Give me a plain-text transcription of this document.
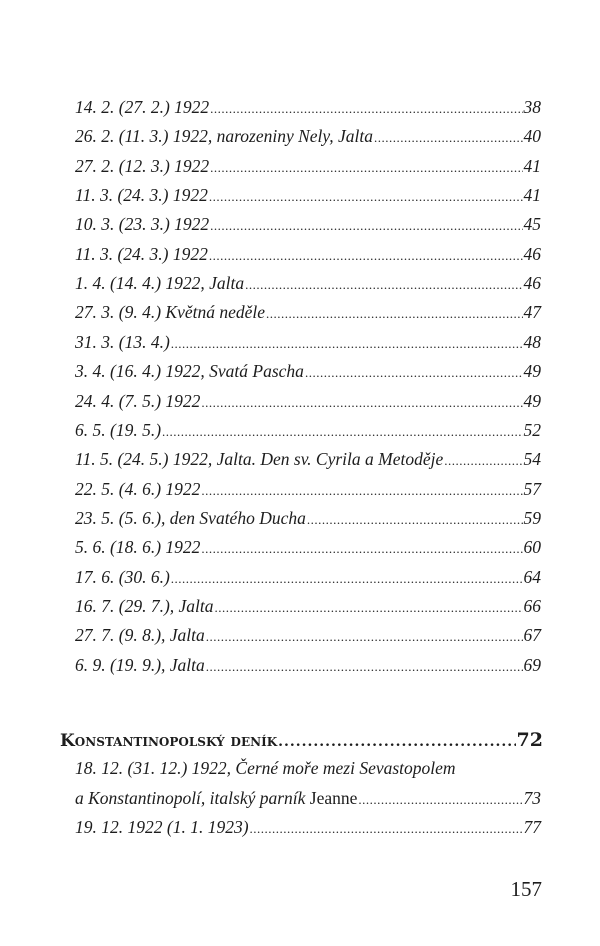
14. 2. (27. 2.) 1922 .....	38
26. 2. (11. 3.) 1922, narozeniny Nely, Jalta .....	40
27. 2. (12. 3.) 1922 .....	41
11. 3. (24. 3.) 1922 .....	41
10. 3. (23. 3.) 1922 .....	45
11. 3. (24. 3.) 1922 .....	46
1. 4. (14. 4.) 1922, Jalta .....	46
27. 3. (9. 4.) Květná neděle .....	47
31. 3. (13. 4.) .....	48
3. 4. (16. 4.) 1922, Svatá Pascha .....	49
24. 4. (7. 5.) 1922 .....	49
6. 5. (19. 5.) .....	52
11. 5. (24. 5.) 1922, Jalta. Den sv. Cyrila a Metoděje .....	54
22. 5. (4. 6.) 1922 .....	57
23. 5. (5. 6.), den Svatého Ducha .....	59
5. 6. (18. 6.) 1922 .....	60
17. 6. (30. 6.) .....	64
16. 7. (29. 7.), Jalta .....	66
27. 7. (9. 8.), Jalta .....	67
6. 9. (19. 9.), Jalta .....	69
Konstantinopolský deník .....	72
18. 12. (31. 12.) 1922, Černé moře mezi Sevastopolem
a Konstantinopolí, italský parník
Jeanne .....	73
19. 12. 1922 (1. 1. 1923) .....	77
157
